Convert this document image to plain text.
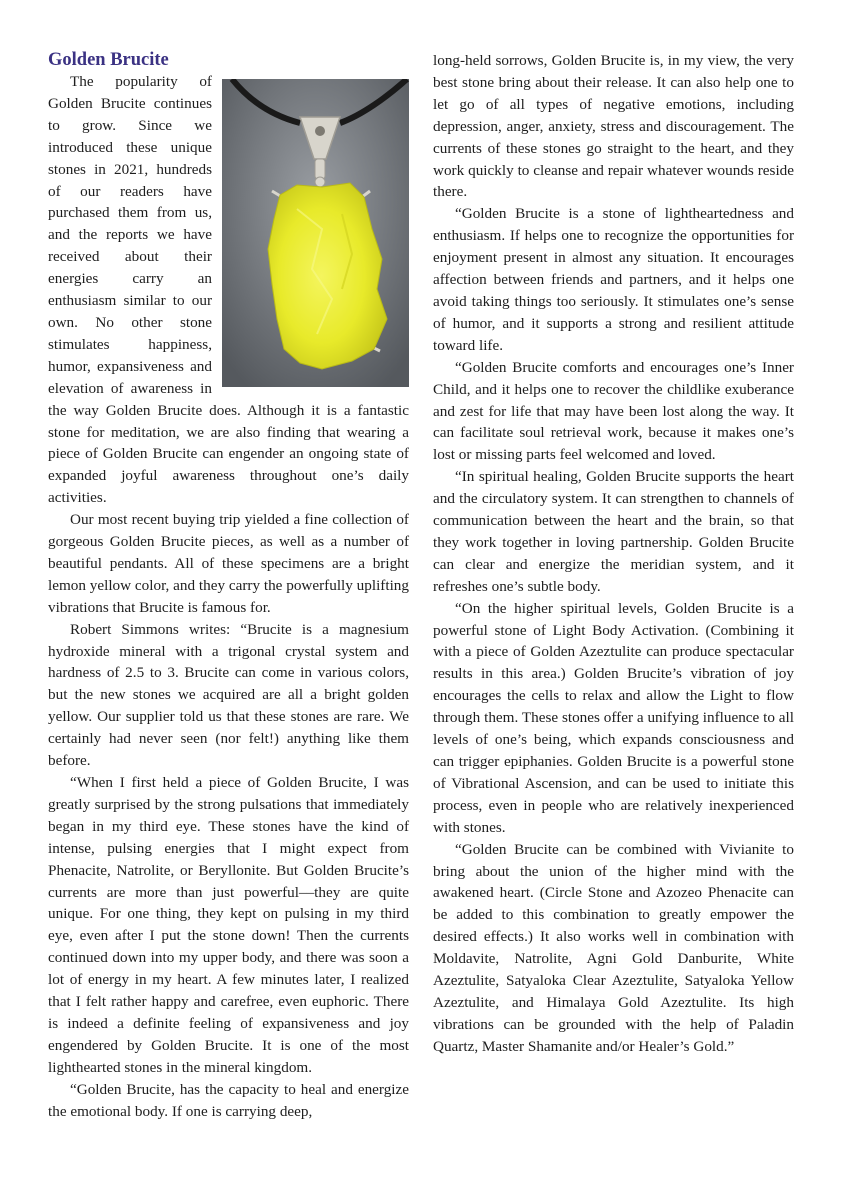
Golden Brucite

The popularity of Golden Brucite continues to grow. Since we introduced these unique stones in 2021, hundreds of our readers have purchased them from us, and the reports we have received about their energies carry an enthusiasm similar to our own. No other stone stimulates happiness, humor, expansiveness and elevation of awareness in the way Golden Brucite does. Although it is a fantastic stone for meditation, we are also finding that wearing a piece of Golden Brucite can engender an ongoing state of expanded joyful awareness throughout one’s daily activities.

Our most recent buying trip yielded a fine collection of gorgeous Golden Brucite pieces, as well as a number of beautiful pendants. All of these specimens are a bright lemon yellow color, and they carry the powerfully uplifting vibrations that Brucite is famous for.

Robert Simmons writes: “Brucite is a magnesium hydroxide mineral with a trigonal crystal system and hardness of 2.5 to 3. Brucite can come in various colors, but the new stones we acquired are all a bright golden yellow. Our supplier told us that these stones are rare. We certainly had never seen (nor felt!) anything like them before.

“When I first held a piece of Golden Brucite, I was greatly surprised by the strong pulsations that immediately began in my third eye. These stones have the kind of intense, pulsing energies that I might expect from Phenacite, Natrolite, or Beryllonite. But Golden Brucite’s currents are more than just powerful––they are quite unique. For one thing, they kept on pulsing in my third eye, even after I put the stone down! Then the currents continued down into my upper body, and there was soon a lot of energy in my heart. A few minutes later, I realized that I felt rather happy and carefree, even euphoric. There is indeed a definite feeling of expansiveness and joy engendered by Golden Brucite. It is one of the most lighthearted stones in the mineral kingdom.

“Golden Brucite, has the capacity to heal and energize the emotional body. If one is carrying deep,

long-held sorrows, Golden Brucite is, in my view, the very best stone bring about their release. It can also help one to let go of all types of negative emotions, including depression, anger, anxiety, stress and discouragement. The currents of these stones go straight to the heart, and they work quickly to cleanse and repair whatever wounds reside there.

“Golden Brucite is a stone of lightheartedness and enthusiasm. If helps one to recognize the opportunities for enjoyment present in almost any situation. It encourages affection between friends and partners, and it helps one avoid taking things too seriously. It stimulates one’s sense of humor, and it supports a strong and resilient attitude toward life.

“Golden Brucite comforts and encourages one’s Inner Child, and it helps one to recover the childlike exuberance and zest for life that may have been lost along the way. It can facilitate soul retrieval work, because it makes one’s lost or missing parts feel welcomed and loved.

“In spiritual healing, Golden Brucite supports the heart and the circulatory system. It can strengthen to channels of communication between the heart and the brain, so that they work together in loving partnership. Golden Brucite can clear and energize the meridian system, and it refreshes one’s subtle body.

“On the higher spiritual levels, Golden Brucite is a powerful stone of Light Body Activation. (Combining it with a piece of Golden Azeztulite can produce spectacular results in this area.) Golden Brucite’s vibration of joy encourages the cells to relax and allow the Light to flow through them. These stones offer a unifying influence to all levels of one’s being, which expands consciousness and can trigger epiphanies. Golden Brucite is a powerful stone of Vibrational Ascension, and can be used to initiate this process, even in people who are relatively inexperienced with stones.

“Golden Brucite can be combined with Vivianite to bring about the union of the higher mind with the awakened heart. (Circle Stone and Azozeo Phenacite can be added to this combination to greatly empower the desired effects.) It also works well in combination with Moldavite, Natrolite, Agni Gold Danburite, White Azeztulite, Satyaloka Clear Azeztulite, Satyaloka Yellow Azeztulite, and Himalaya Gold Azeztulite. Its high vibrations can be grounded with the help of Paladin Quartz, Master Shamanite and/or Healer’s Gold.”
